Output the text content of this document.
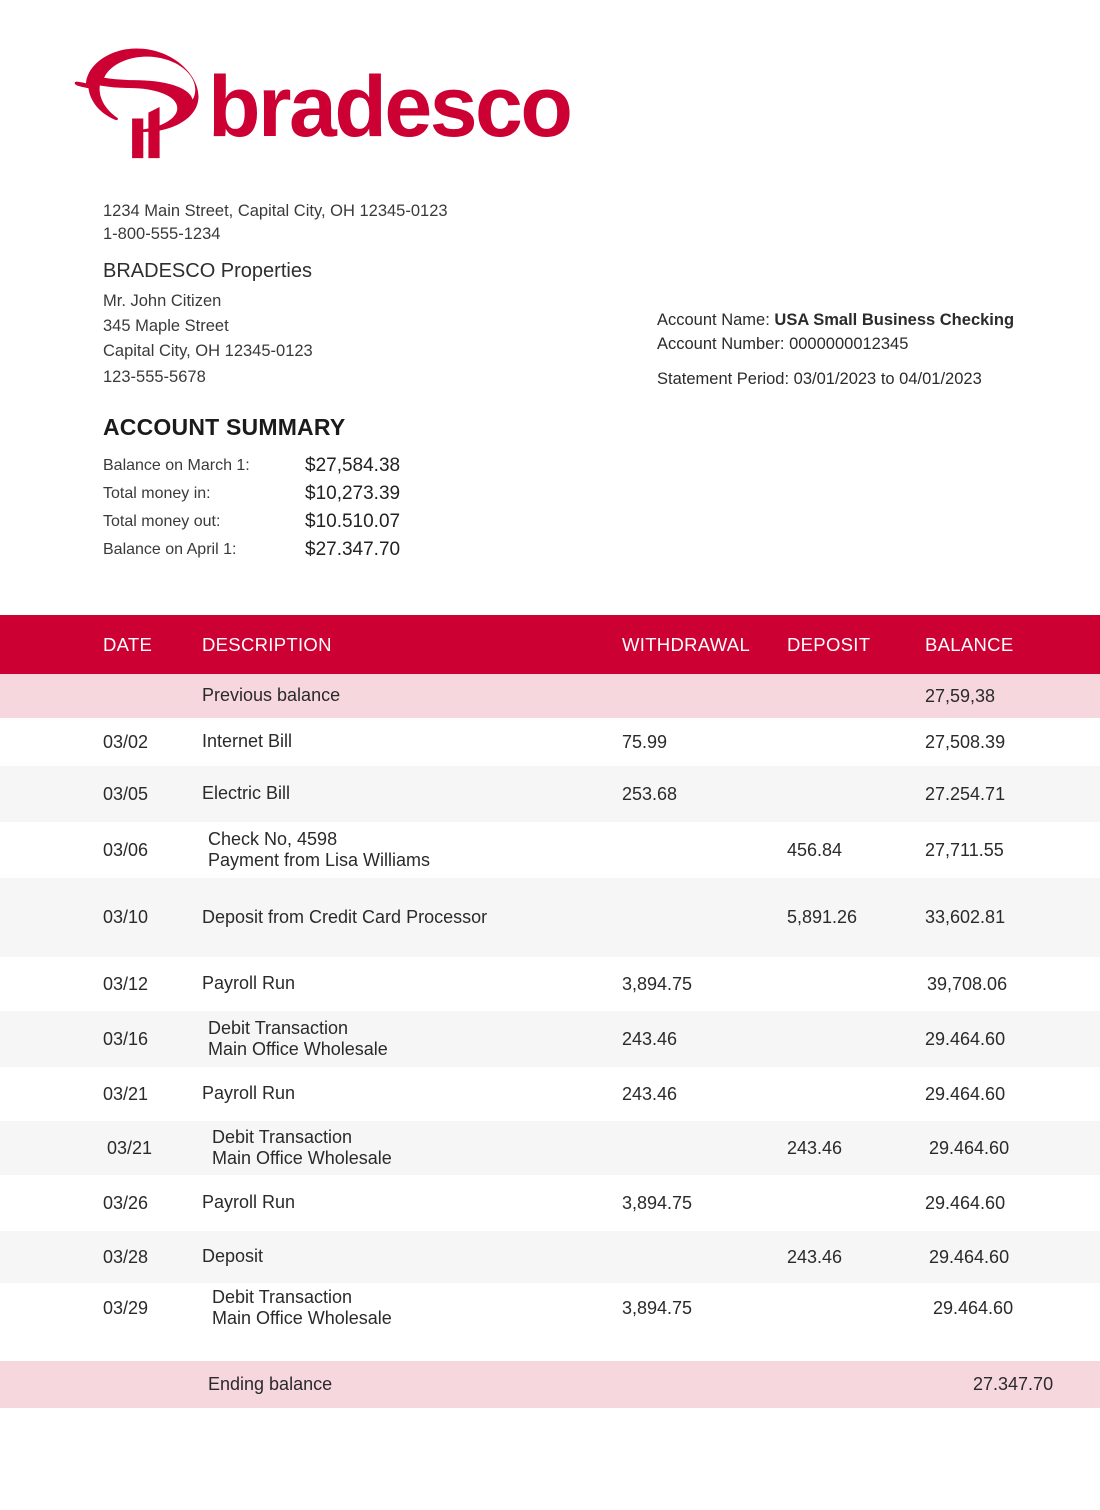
bradesco
1234 Main Street, Capital City, OH 12345-0123
1-800-555-1234
BRADESCO Properties
Mr. John Citizen
345 Maple Street
Capital City, OH 12345-0123
123-555-5678
Account Name: USA Small Business Checking
Account Number: 0000000012345
Statement Period: 03/01/2023 to 04/01/2023
ACCOUNT SUMMARY
Balance on March 1:	$27,584.38
Total money in:	$10,273.39
Total money out:	$10.510.07
Balance on April 1:	$27.347.70
DATE	DESCRIPTION	WITHDRAWAL	DEPOSIT	BALANCE

	Previous balance			27,59,38
03/02	Internet Bill	75.99		27,508.39
03/05	Electric Bill	253.68		27.254.71
03/06	Check No, 4598
Payment from Lisa Williams		456.84	27,711.55
03/10	Deposit from Credit Card Processor		5,891.26	33,602.81
03/12	Payroll Run	3,894.75		39,708.06
03/16	Debit Transaction
Main Office Wholesale	243.46		29.464.60
03/21	Payroll Run	243.46		29.464.60
03/21	Debit Transaction
Main Office Wholesale		243.46	29.464.60
03/26	Payroll Run	3,894.75		29.464.60
03/28	Deposit		243.46	29.464.60
03/29	Debit Transaction
Main Office Wholesale	3,894.75		29.464.60

	Ending balance			27.347.70
